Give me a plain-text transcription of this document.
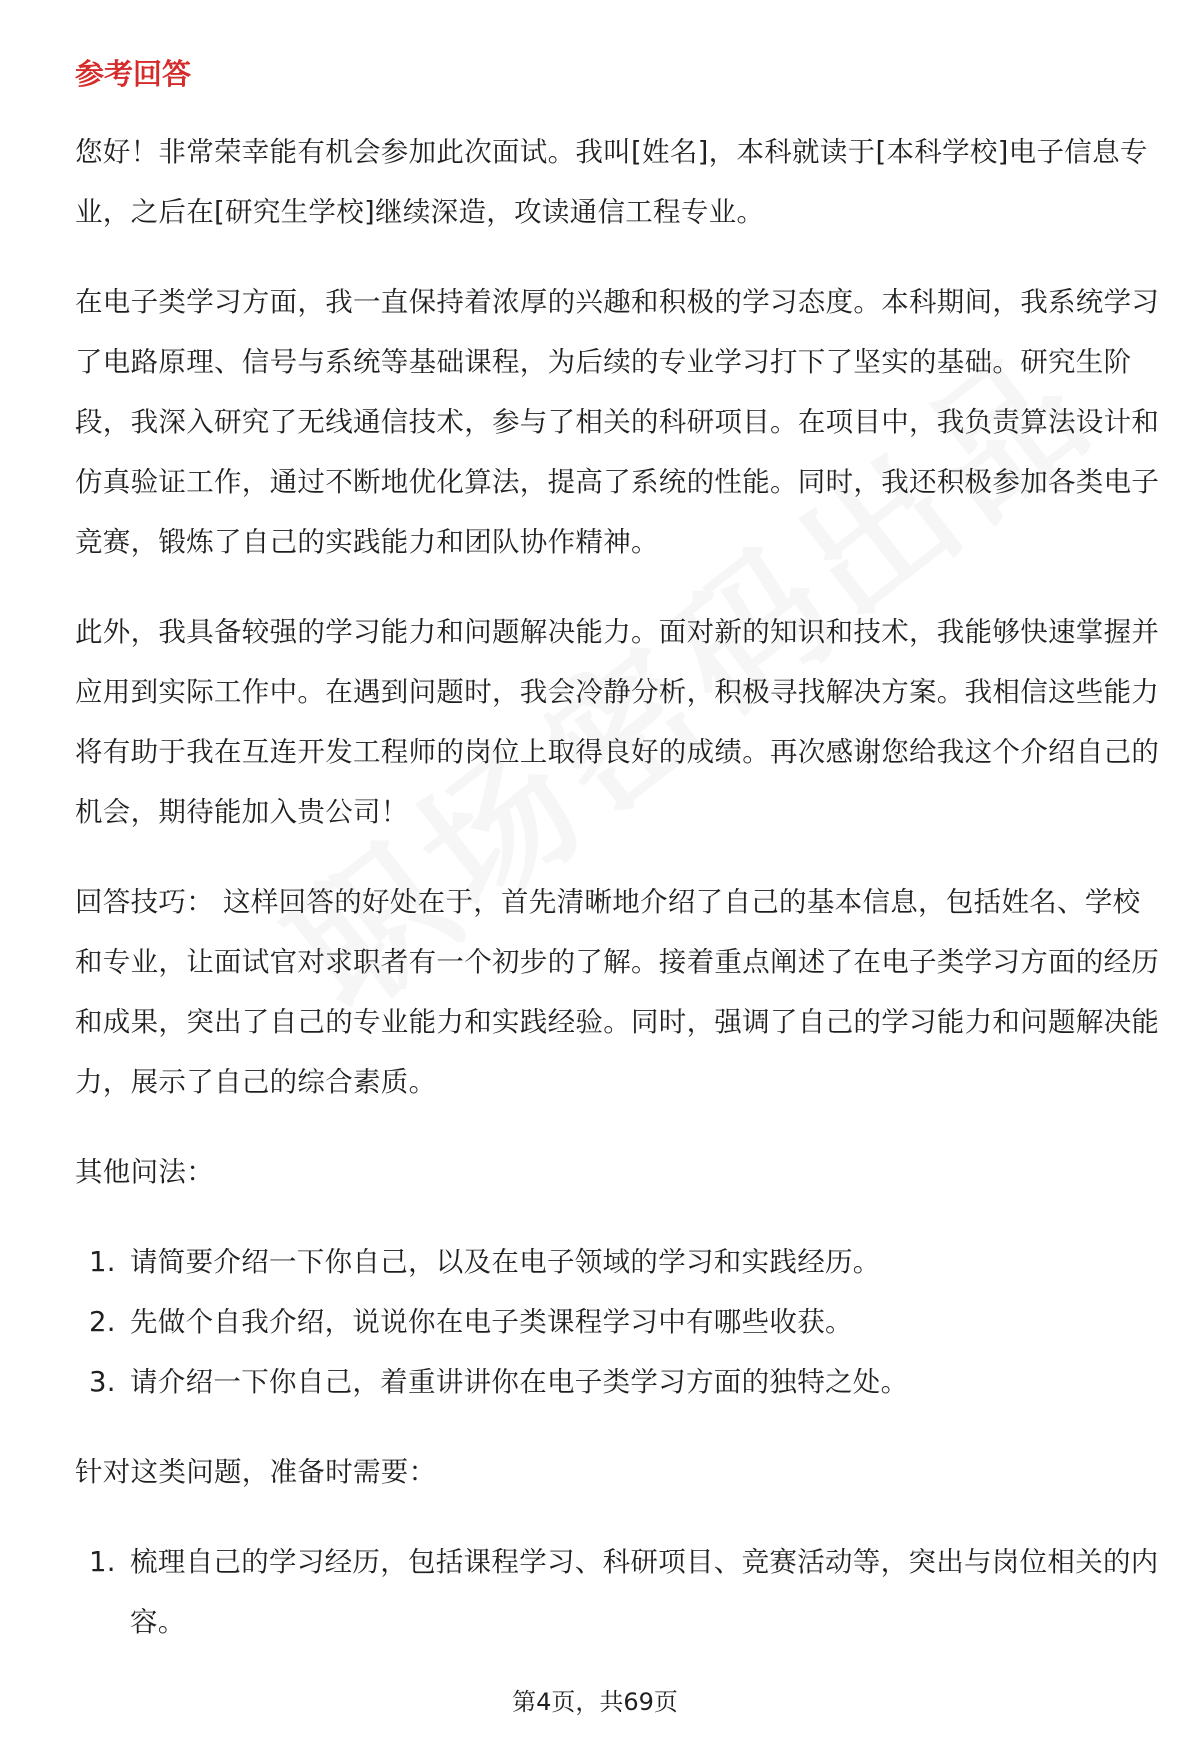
参考回答

您好！非常荣幸能有机会参加此次面试。我叫[姓名]，本科就读于[本科学校]电子信息专业，之后在[研究生学校]继续深造，攻读通信工程专业。

在电子类学习方面，我一直保持着浓厚的兴趣和积极的学习态度。本科期间，我系统学习了电路原理、信号与系统等基础课程，为后续的专业学习打下了坚实的基础。研究生阶段，我深入研究了无线通信技术，参与了相关的科研项目。在项目中，我负责算法设计和仿真验证工作，通过不断地优化算法，提高了系统的性能。同时，我还积极参加各类电子竞赛，锻炼了自己的实践能力和团队协作精神。

此外，我具备较强的学习能力和问题解决能力。面对新的知识和技术，我能够快速掌握并应用到实际工作中。在遇到问题时，我会冷静分析，积极寻找解决方案。我相信这些能力将有助于我在互连开发工程师的岗位上取得良好的成绩。再次感谢您给我这个介绍自己的机会，期待能加入贵公司！

回答技巧： 这样回答的好处在于，首先清晰地介绍了自己的基本信息，包括姓名、学校和专业，让面试官对求职者有一个初步的了解。接着重点阐述了在电子类学习方面的经历和成果，突出了自己的专业能力和实践经验。同时，强调了自己的学习能力和问题解决能力，展示了自己的综合素质。

其他问法：

1. 请简要介绍一下你自己，以及在电子领域的学习和实践经历。
2. 先做个自我介绍，说说你在电子类课程学习中有哪些收获。
3. 请介绍一下你自己，着重讲讲你在电子类学习方面的独特之处。

针对这类问题，准备时需要：

1. 梳理自己的学习经历，包括课程学习、科研项目、竞赛活动等，突出与岗位相关的内容。
第4页，共69页
